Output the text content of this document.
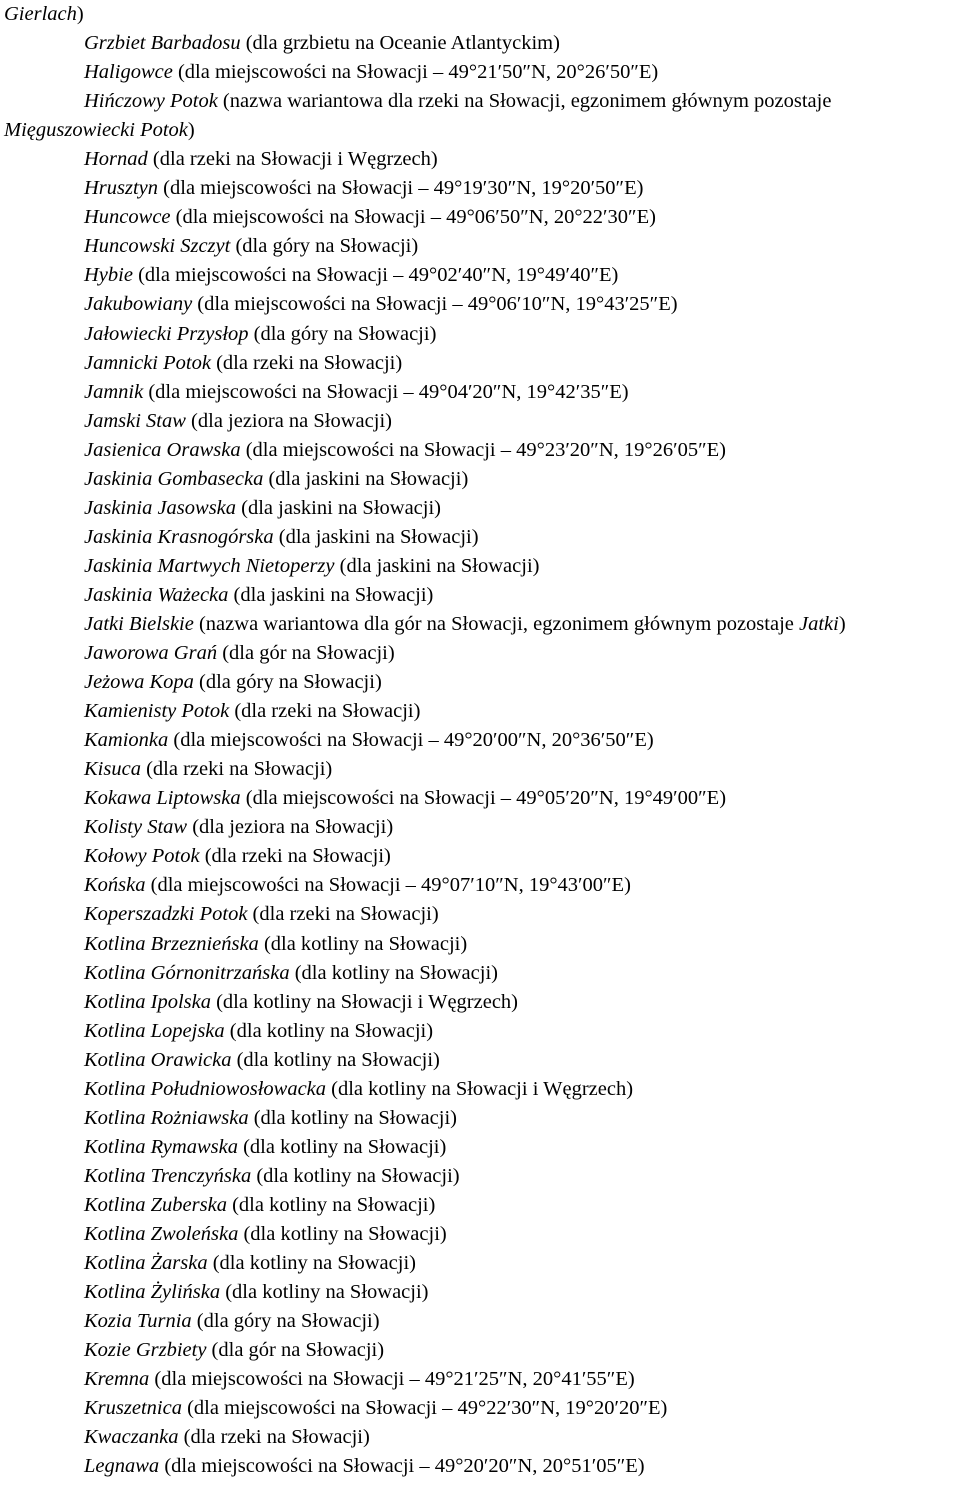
Gierlach)

Grzbiet Barbadosu (dla grzbietu na Oceanie Atlantyckim)

Haligowce (dla miejscowości na Słowacji – 49°21′50″N, 20°26′50″E)

Hińczowy Potok (nazwa wariantowa dla rzeki na Słowacji, egzonimem głównym pozostaje Mięguszowiecki Potok)

Hornad (dla rzeki na Słowacji i Węgrzech)

Hrusztyn (dla miejscowości na Słowacji – 49°19′30″N, 19°20′50″E)

Huncowce (dla miejscowości na Słowacji – 49°06′50″N, 20°22′30″E)

Huncowski Szczyt (dla góry na Słowacji)

Hybie (dla miejscowości na Słowacji – 49°02′40″N, 19°49′40″E)

Jakubowiany (dla miejscowości na Słowacji – 49°06′10″N, 19°43′25″E)

Jałowiecki Przysłop (dla góry na Słowacji)

Jamnicki Potok (dla rzeki na Słowacji)

Jamnik (dla miejscowości na Słowacji – 49°04′20″N, 19°42′35″E)

Jamski Staw (dla jeziora na Słowacji)

Jasienica Orawska (dla miejscowości na Słowacji – 49°23′20″N, 19°26′05″E)

Jaskinia Gombasecka (dla jaskini na Słowacji)

Jaskinia Jasowska (dla jaskini na Słowacji)

Jaskinia Krasnogórska (dla jaskini na Słowacji)

Jaskinia Martwych Nietoperzy (dla jaskini na Słowacji)

Jaskinia Ważecka (dla jaskini na Słowacji)

Jatki Bielskie (nazwa wariantowa dla gór na Słowacji, egzonimem głównym pozostaje Jatki)

Jaworowa Grań (dla gór na Słowacji)

Jeżowa Kopa (dla góry na Słowacji)

Kamienisty Potok (dla rzeki na Słowacji)

Kamionka (dla miejscowości na Słowacji – 49°20′00″N, 20°36′50″E)

Kisuca (dla rzeki na Słowacji)

Kokawa Liptowska (dla miejscowości na Słowacji – 49°05′20″N, 19°49′00″E)

Kolisty Staw (dla jeziora na Słowacji)

Kołowy Potok (dla rzeki na Słowacji)

Końska (dla miejscowości na Słowacji – 49°07′10″N, 19°43′00″E)

Koperszadzki Potok (dla rzeki na Słowacji)

Kotlina Brzeznieńska (dla kotliny na Słowacji)

Kotlina Górnonitrzańska (dla kotliny na Słowacji)

Kotlina Ipolska (dla kotliny na Słowacji i Węgrzech)

Kotlina Lopejska (dla kotliny na Słowacji)

Kotlina Orawicka (dla kotliny na Słowacji)

Kotlina Południowosłowacka (dla kotliny na Słowacji i Węgrzech)

Kotlina Rożniawska (dla kotliny na Słowacji)

Kotlina Rymawska (dla kotliny na Słowacji)

Kotlina Trenczyńska (dla kotliny na Słowacji)

Kotlina Zuberska (dla kotliny na Słowacji)

Kotlina Zwoleńska (dla kotliny na Słowacji)

Kotlina Żarska (dla kotliny na Słowacji)

Kotlina Żylińska (dla kotliny na Słowacji)

Kozia Turnia (dla góry na Słowacji)

Kozie Grzbiety (dla gór na Słowacji)

Kremna (dla miejscowości na Słowacji – 49°21′25″N, 20°41′55″E)

Kruszetnica (dla miejscowości na Słowacji – 49°22′30″N, 19°20′20″E)

Kwaczanka (dla rzeki na Słowacji)

Legnawa (dla miejscowości na Słowacji – 49°20′20″N, 20°51′05″E)
